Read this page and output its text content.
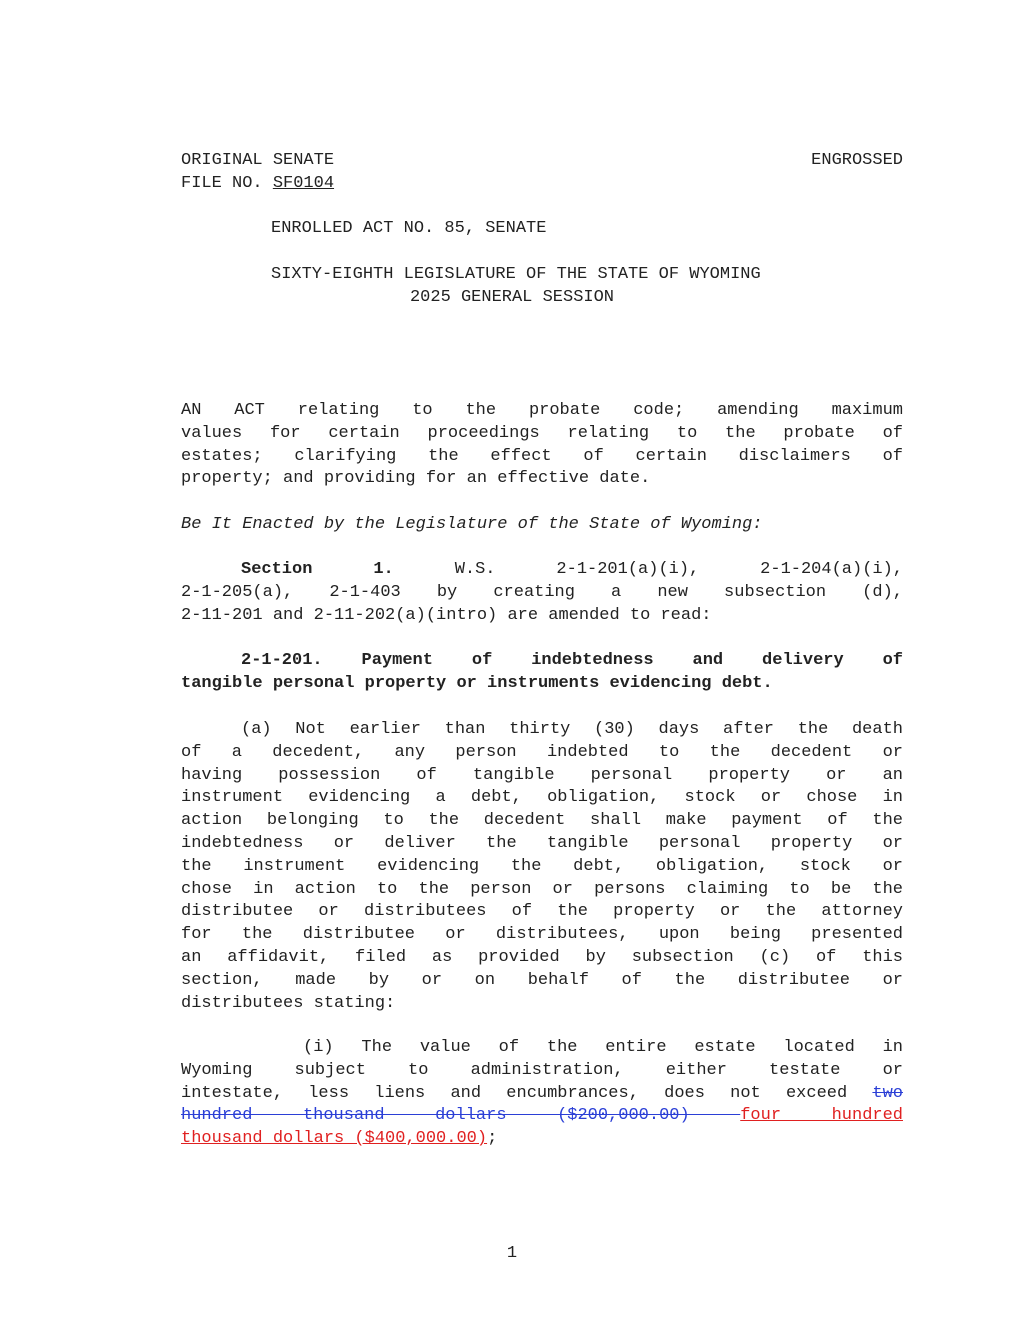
ORIGINAL SENATE
FILE NO. SF0104
ENGROSSED
ENROLLED ACT NO. 85, SENATE
SIXTY-EIGHTH LEGISLATURE OF THE STATE OF WYOMING
2025 GENERAL SESSION
AN ACT relating to the probate code; amending maximum
values for certain proceedings relating to the probate of
estates; clarifying the effect of certain disclaimers of
property; and providing for an effective date.
Be It Enacted by the Legislature of the State of Wyoming:
Section 1.	W.S. 2-1-201(a)(i), 2-1-204(a)(i),
2-1-205(a), 2-1-403 by creating a new subsection (d),
2-11-201 and 2-11-202(a)(intro) are amended to read:
2-1-201. Payment of indebtedness and delivery of
tangible personal property or instruments evidencing debt.
(a) Not earlier than thirty (30) days after the death
of a decedent, any person indebted to the decedent or
having possession of tangible personal property or an
instrument evidencing a debt, obligation, stock or chose in
action belonging to the decedent shall make payment of the
indebtedness or deliver the tangible personal property or
the instrument evidencing the debt, obligation, stock or
chose in action to the person or persons claiming to be the
distributee or distributees of the property or the attorney
for the distributee or distributees, upon being presented
an affidavit, filed as provided by subsection (c) of this
section, made by or on behalf of the distributee or
distributees stating:
(i) The value of the entire estate located in
Wyoming subject to administration, either testate or
intestate, less liens and encumbrances, does not exceed two
hundred thousand dollars ($200,000.00) four hundred
thousand dollars ($400,000.00);
1
